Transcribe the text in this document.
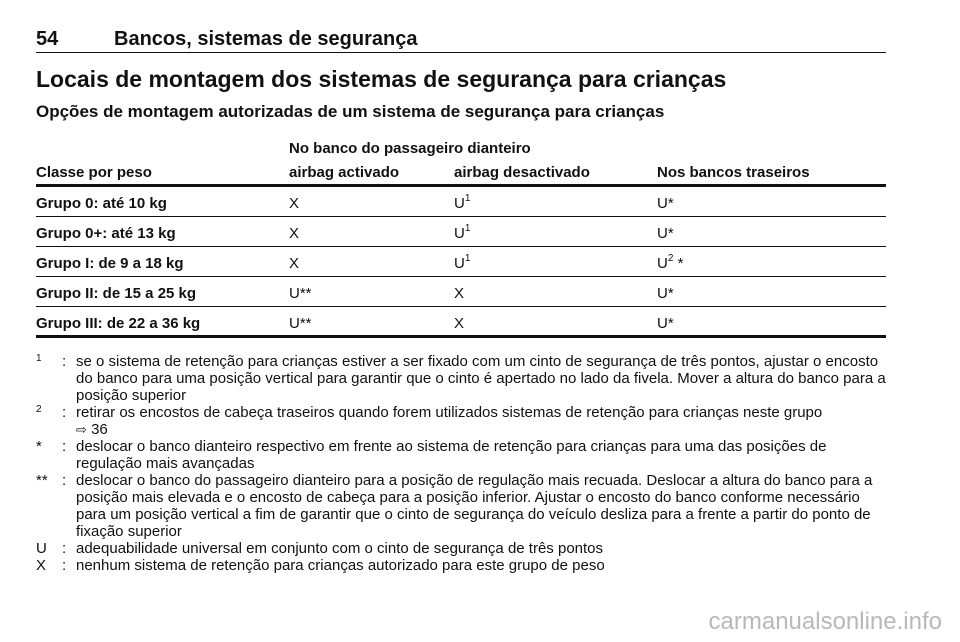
54	Bancos, sistemas de segurança
Locais de montagem dos sistemas de segurança para crianças
Opções de montagem autorizadas de um sistema de segurança para crianças
No banco do passageiro dianteiro
Classe por peso	airbag activado	airbag desactivado	Nos bancos traseiros
Grupo 0: até 10 kg	X	$U^1$	U*
Grupo 0+: até 13 kg	X	$U^1$	U*
Grupo I: de 9 a 18 kg	X	$U^1$	$U^2$ *
Grupo II: de 15 a 25 kg	U**	X	U*
Grupo III: de 22 a 36 kg	U**	X	U*
1	: se o sistema de retenção para crianças estiver a ser fixado com um cinto de segurança de três pontos, ajustar o encosto do banco para uma posição vertical para garantir que o cinto é apertado no lado da fivela. Mover a altura do banco para a posição superior
2	: retirar os encostos de cabeça traseiros quando forem utilizados sistemas de retenção para crianças neste grupo
⇨ 36
*	: deslocar o banco dianteiro respectivo em frente ao sistema de retenção para crianças para uma das posições de regulação mais avançadas
** : deslocar o banco do passageiro dianteiro para a posição de regulação mais recuada. Deslocar a altura do banco para a posição mais elevada e o encosto de cabeça para a posição inferior. Ajustar o encosto do banco conforme necessário para um posição vertical a fim de garantir que o cinto de segurança do veículo desliza para a frente a partir do ponto de fixação superior
U	: adequabilidade universal em conjunto com o cinto de segurança de três pontos
X	: nenhum sistema de retenção para crianças autorizado para este grupo de peso
carmanualsonline.info
